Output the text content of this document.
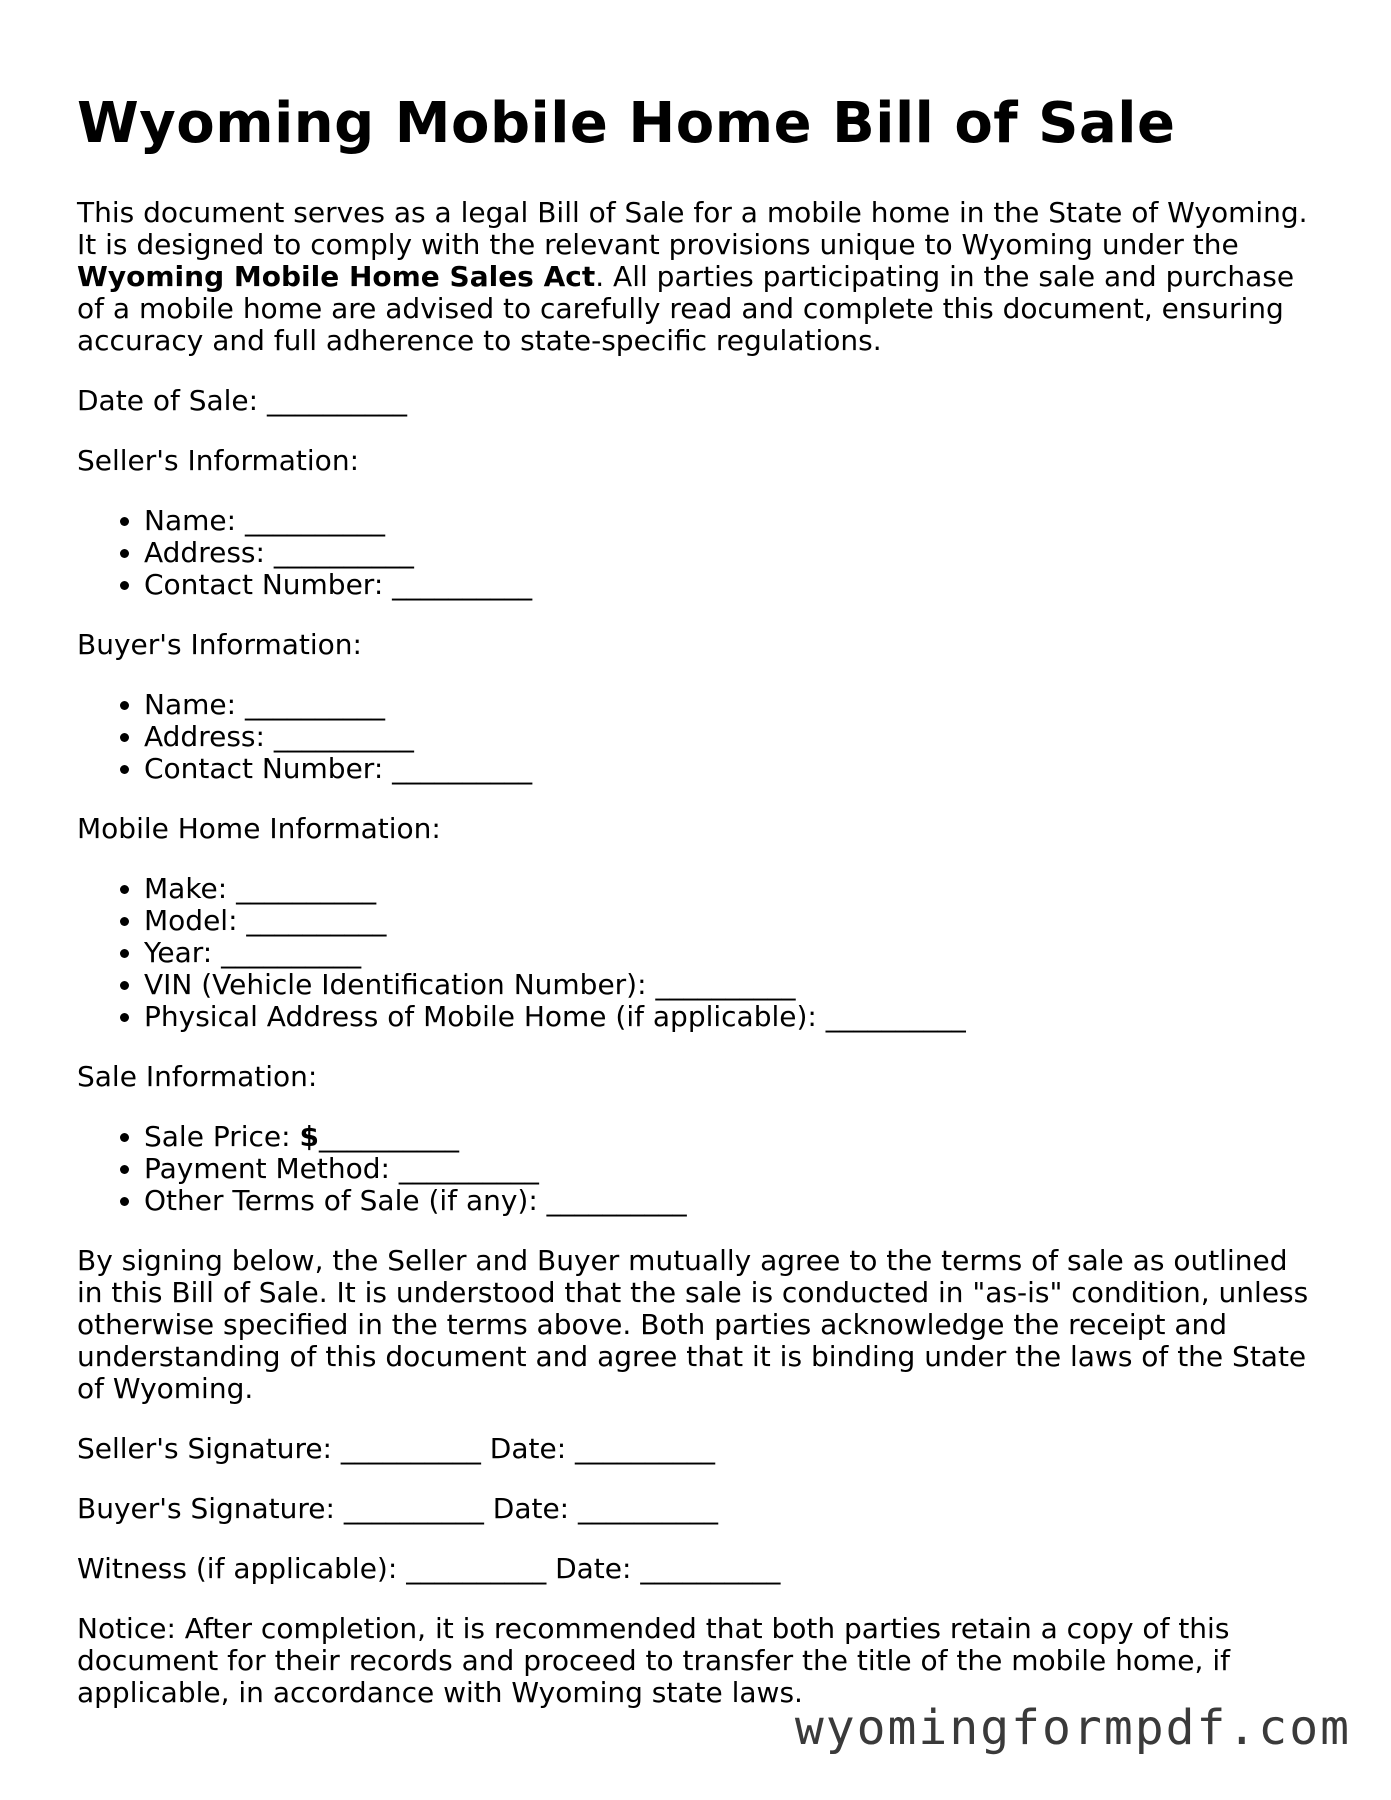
Wyoming Mobile Home Bill of Sale

This document serves as a legal Bill of Sale for a mobile home in the State of Wyoming. It is designed to comply with the relevant provisions unique to Wyoming under the Wyoming Mobile Home Sales Act. All parties participating in the sale and purchase of a mobile home are advised to carefully read and complete this document, ensuring accuracy and full adherence to state-specific regulations.

Date of Sale: __________

Seller's Information:

• Name: __________
• Address: __________
• Contact Number: __________

Buyer's Information:

• Name: __________
• Address: __________
• Contact Number: __________

Mobile Home Information:

• Make: __________
• Model: __________
• Year: __________
• VIN (Vehicle Identification Number): __________
• Physical Address of Mobile Home (if applicable): __________

Sale Information:

• Sale Price: $__________
• Payment Method: __________
• Other Terms of Sale (if any): __________

By signing below, the Seller and Buyer mutually agree to the terms of sale as outlined in this Bill of Sale. It is understood that the sale is conducted in "as-is" condition, unless otherwise specified in the terms above. Both parties acknowledge the receipt and understanding of this document and agree that it is binding under the laws of the State of Wyoming.

Seller's Signature: __________ Date: __________

Buyer's Signature: __________ Date: __________

Witness (if applicable): __________ Date: __________

Notice: After completion, it is recommended that both parties retain a copy of this document for their records and proceed to transfer the title of the mobile home, if applicable, in accordance with Wyoming state laws.

wyomingformpdf.com
